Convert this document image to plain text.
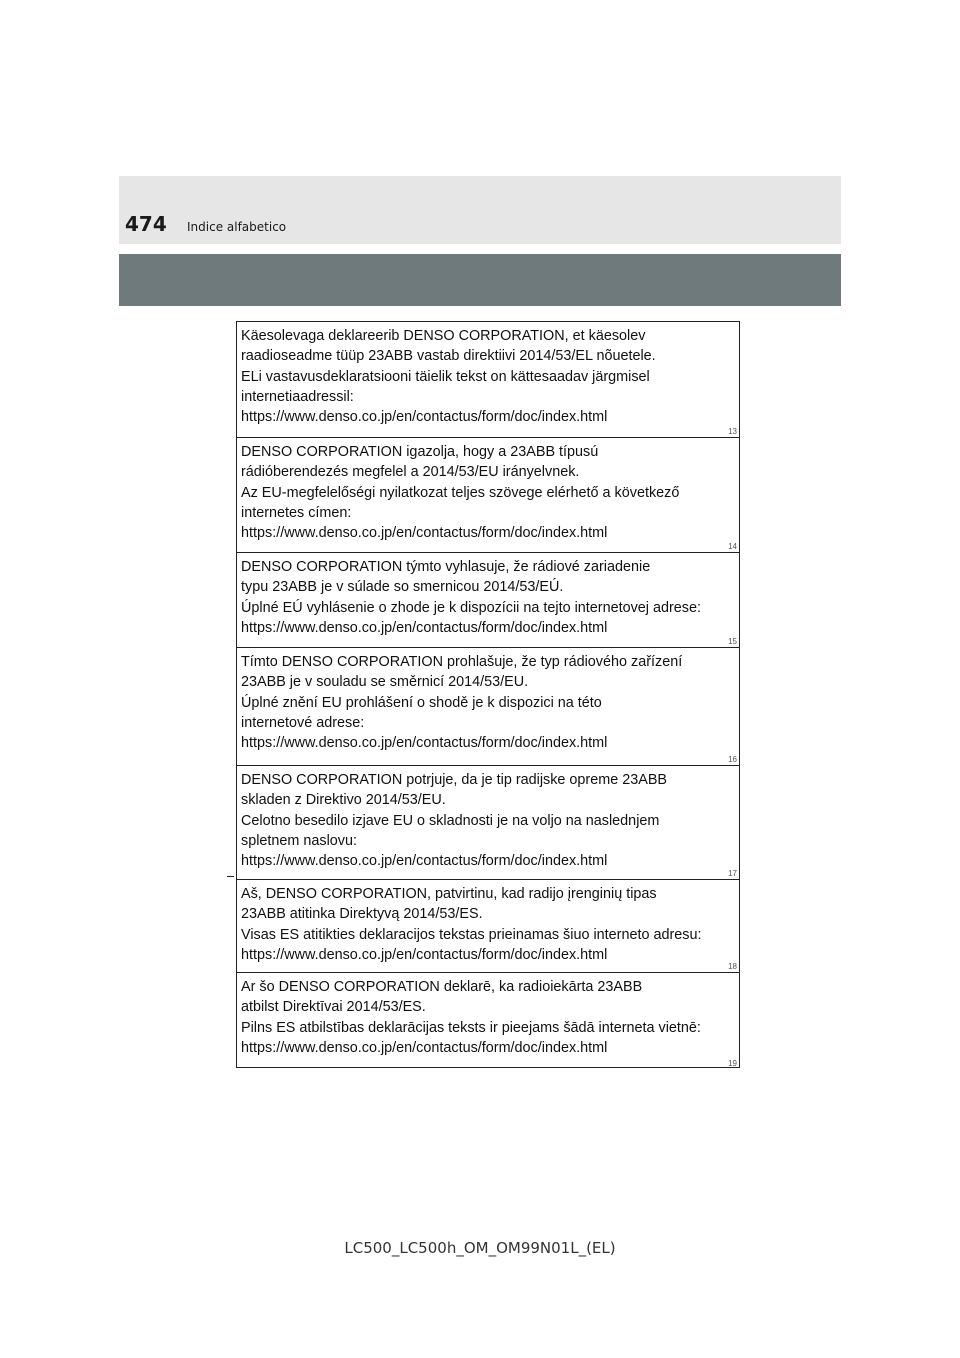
474 Indice alfabetico
Käesolevaga deklareerib DENSO CORPORATION, et käesolev
raadioseadme tüüp 23ABB vastab direktiivi 2014/53/EL nõuetele.
ELi vastavusdeklaratsiooni täielik tekst on kättesaadav järgmisel
internetiaadressil:
https://www.denso.co.jp/en/contactus/form/doc/index.html
13
DENSO CORPORATION igazolja, hogy a 23ABB típusú
rádióberendezés megfelel a 2014/53/EU irányelvnek.
Az EU-megfelelőségi nyilatkozat teljes szövege elérhető a következő
internetes címen:
https://www.denso.co.jp/en/contactus/form/doc/index.html
14
DENSO CORPORATION týmto vyhlasuje, že rádiové zariadenie
typu 23ABB je v súlade so smernicou 2014/53/EÚ.
Úplné EÚ vyhlásenie o zhode je k dispozícii na tejto internetovej adrese:
https://www.denso.co.jp/en/contactus/form/doc/index.html
15
Tímto DENSO CORPORATION prohlašuje, že typ rádiového zařízení
23ABB je v souladu se směrnicí 2014/53/EU.
Úplné znění EU prohlášení o shodě je k dispozici na této
internetové adrese:
https://www.denso.co.jp/en/contactus/form/doc/index.html
16
DENSO CORPORATION potrjuje, da je tip radijske opreme 23ABB
skladen z Direktivo 2014/53/EU.
Celotno besedilo izjave EU o skladnosti je na voljo na naslednjem
spletnem naslovu:
https://www.denso.co.jp/en/contactus/form/doc/index.html
17
Aš, DENSO CORPORATION, patvirtinu, kad radijo įrenginių tipas
23ABB atitinka Direktyvą 2014/53/ES.
Visas ES atitikties deklaracijos tekstas prieinamas šiuo interneto adresu:
https://www.denso.co.jp/en/contactus/form/doc/index.html
18
Ar šo DENSO CORPORATION deklarē, ka radioiekārta 23ABB
atbilst Direktīvai 2014/53/ES.
Pilns ES atbilstības deklarācijas teksts ir pieejams šādā interneta vietnē:
https://www.denso.co.jp/en/contactus/form/doc/index.html
19
LC500_LC500h_OM_OM99N01L_(EL)
